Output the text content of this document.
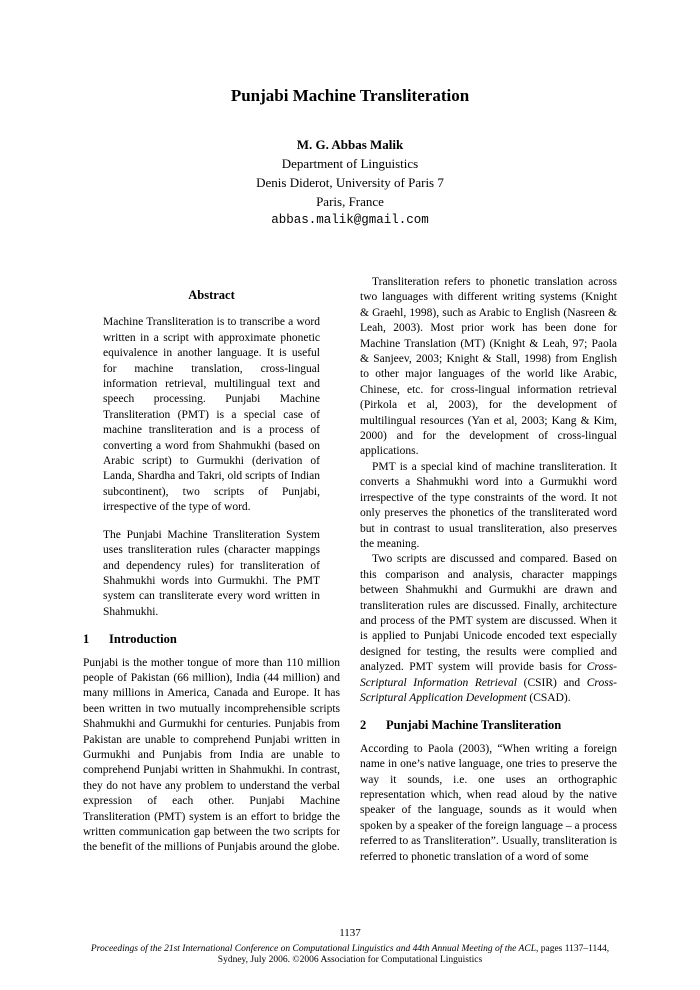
Punjabi Machine Transliteration
M. G. Abbas Malik
Department of Linguistics
Denis Diderot, University of Paris 7
Paris, France
abbas.malik@gmail.com
Abstract

Machine Transliteration is to transcribe a word written in a script with approximate phonetic equivalence in another language. It is useful for machine translation, cross-lingual information retrieval, multilingual text and speech processing. Punjabi Machine Transliteration (PMT) is a special case of machine transliteration and is a process of converting a word from Shahmukhi (based on Arabic script) to Gurmukhi (derivation of Landa, Shardha and Takri, old scripts of Indian subcontinent), two scripts of Punjabi, irrespective of the type of word.

The Punjabi Machine Transliteration System uses transliteration rules (character mappings and dependency rules) for transliteration of Shahmukhi words into Gurmukhi. The PMT system can transliterate every word written in Shahmukhi.

1 Introduction

Punjabi is the mother tongue of more than 110 million people of Pakistan (66 million), India (44 million) and many millions in America, Canada and Europe. It has been written in two mutually incomprehensible scripts Shahmukhi and Gurmukhi for centuries. Punjabis from Pakistan are unable to comprehend Punjabi written in Gurmukhi and Punjabis from India are unable to comprehend Punjabi written in Shahmukhi. In contrast, they do not have any problem to understand the verbal expression of each other. Punjabi Machine Transliteration (PMT) system is an effort to bridge the written communication gap between the two scripts for the benefit of the millions of Punjabis around the globe.

Transliteration refers to phonetic translation across two languages with different writing systems (Knight & Graehl, 1998), such as Arabic to English (Nasreen & Leah, 2003). Most prior work has been done for Machine Translation (MT) (Knight & Leah, 97; Paola & Sanjeev, 2003; Knight & Stall, 1998) from English to other major languages of the world like Arabic, Chinese, etc. for cross-lingual information retrieval (Pirkola et al, 2003), for the development of multilingual resources (Yan et al, 2003; Kang & Kim, 2000) and for the development of cross-lingual applications.

PMT is a special kind of machine transliteration. It converts a Shahmukhi word into a Gurmukhi word irrespective of the type constraints of the word. It not only preserves the phonetics of the transliterated word but in contrast to usual transliteration, also preserves the meaning.

Two scripts are discussed and compared. Based on this comparison and analysis, character mappings between Shahmukhi and Gurmukhi are drawn and transliteration rules are discussed. Finally, architecture and process of the PMT system are discussed. When it is applied to Punjabi Unicode encoded text especially designed for testing, the results were complied and analyzed. PMT system will provide basis for Cross-Scriptural Information Retrieval (CSIR) and Cross-Scriptural Application Development (CSAD).

2 Punjabi Machine Transliteration

According to Paola (2003), “When writing a foreign name in one’s native language, one tries to preserve the way it sounds, i.e. one uses an orthographic representation which, when read aloud by the native speaker of the language, sounds as it would when spoken by a speaker of the foreign language – a process referred to as Transliteration”. Usually, transliteration is referred to phonetic translation of a word of some

1137
Proceedings of the 21st International Conference on Computational Linguistics and 44th Annual Meeting of the ACL, pages 1137–1144,
Sydney, July 2006. ©2006 Association for Computational Linguistics
